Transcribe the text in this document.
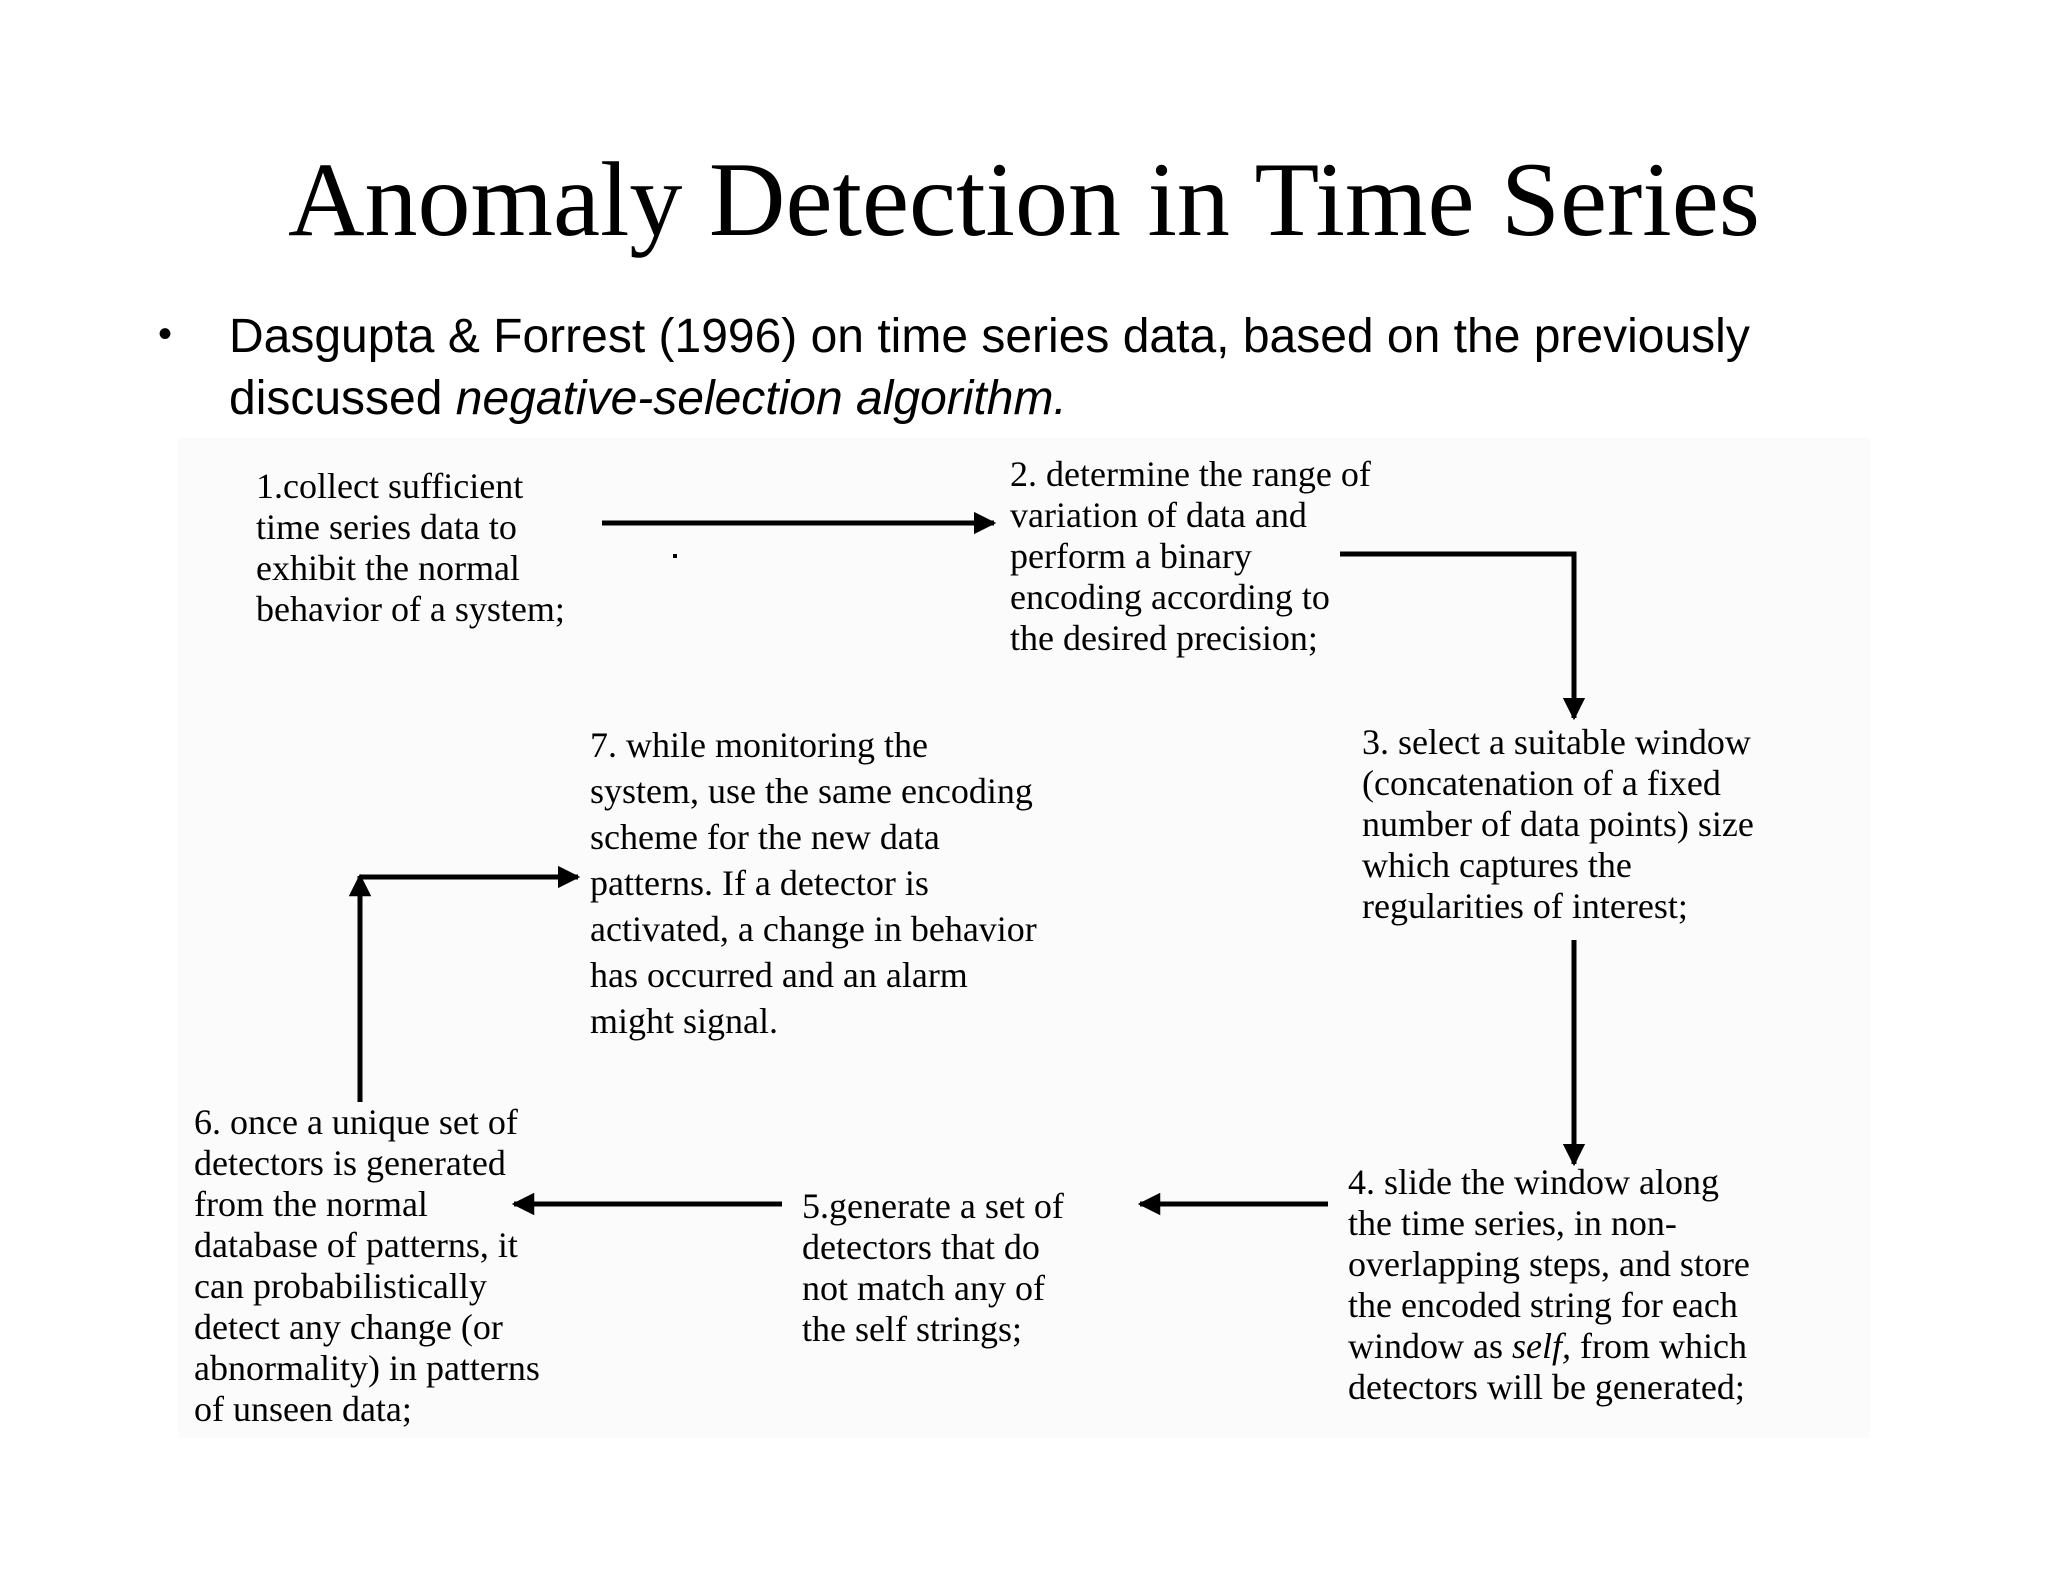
Anomaly Detection in Time Series
• Dasgupta & Forrest (1996) on time series data, based on the previously discussed negative-selection algorithm.
1.collect sufficient
time series data to
exhibit the normal
behavior of a system;
2. determine the range of
variation of data and
perform a binary
encoding according to
the desired precision;
3. select a suitable window
(concatenation of a fixed
number of data points) size
which captures the
regularities of interest;
4. slide the window along
the time series, in non-
overlapping steps, and store
the encoded string for each
window as self, from which
detectors will be generated;
5.generate a set of
detectors that do
not match any of
the self strings;
6. once a unique set of
detectors is generated
from the normal
database of patterns, it
can probabilistically
detect any change (or
abnormality) in patterns
of unseen data;
7. while monitoring the
system, use the same encoding
scheme for the new data
patterns. If a detector is
activated, a change in behavior
has occurred and an alarm
might signal.
